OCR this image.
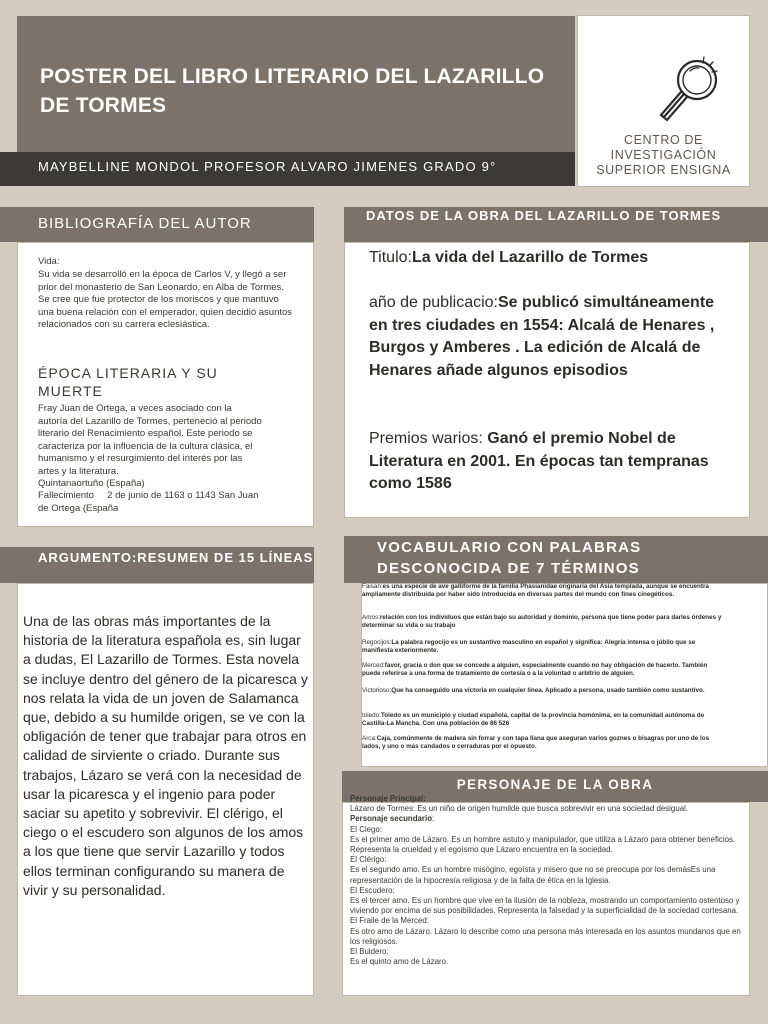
POSTER DEL LIBRO LITERARIO DEL LAZARILLO DE TORMES
CENTRO DE
INVESTIGACIÓN
SUPERIOR ENSIGNA
MAYBELLINE MONDOL PROFESOR ALVARO JIMENES GRADO 9°
BIBLIOGRAFÍA DEL AUTOR
Vida:
Su vida se desarrolló en la época de Carlos V, y llegó a ser prior del monasterio de San Leonardo, en Alba de Tormes. Se cree que fue protector de los moriscos y que mantuvo una buena relación con el emperador, quien decidió asuntos relacionados con su carrera eclesiástica.
ÉPOCA LITERARIA Y SU MUERTE
Fray Juan de Ortega, a veces asociado con la autoría del Lazarillo de Tormes, perteneció al periodo literario del Renacimiento español. Este periodo se caracteriza por la influencia de la cultura clásica, el humanismo y el resurgimiento del interés por las artes y la literatura.
Quintanaortuño (España)
Fallecimiento     2 de junio de 1163 o 1143 San Juan de Ortega (España
DATOS DE LA OBRA DEL LAZARILLO DE TORMES
Titulo:La vida del Lazarillo de Tormes
año de publicacio:Se publicó simultáneamente en tres ciudades en 1554: Alcalá de Henares , Burgos y Amberes . La edición de Alcalá de Henares añade algunos episodios
Premios warios: Ganó el premio Nobel de Literatura en 2001. En épocas tan tempranas como 1586
ARGUMENTO:RESUMEN DE 15 LÍNEAS
Una de las obras más importantes de la historia de la literatura española es, sin lugar a dudas, El Lazarillo de Tormes. Esta novela se incluye dentro del género de la picaresca y nos relata la vida de un joven de Salamanca que, debido a su humilde origen, se ve con la obligación de tener que trabajar para otros en calidad de sirviente o criado. Durante sus trabajos, Lázaro se verá con la necesidad de usar la picaresca y el ingenio para poder saciar su apetito y sobrevivir. El clérigo, el ciego o el escudero son algunos de los amos a los que tiene que servir Lazarillo y todos ellos terminan configurando su manera de vivir y su personalidad.
VOCABULARIO CON PALABRAS DESCONOCIDA DE 7 TÉRMINOS
Faisan:es una especie de ave galliforme de la familia Phasianidae originaria del Asia templada, aunque se encuentra ampliamente distribuida por haber sido introducida en diversas partes del mundo con fines cinegéticos.
Amos:relación con los individuos que están bajo su autoridad y dominio, persona que tiene poder para darles órdenes y determinar su vida o su trabajo
Regocijos:La palabra regocijo es un sustantivo masculino en español y significa: Alegría intensa o júbilo que se manifiesta exteriormente.
Merced:favor, gracia o don que se concede a alguien, especialmente cuando no hay obligación de hacerlo. También puede referirse a una forma de tratamiento de cortesía o a la voluntad o arbitrio de alguien.
Victorioso:Que ha conseguido una victoria en cualquier línea. Aplicado a persona, usado también como sustantivo.
toledo:Toledo es un municipio y ciudad española, capital de la provincia homónima, en la comunidad autónoma de Castilla-La Mancha. Con una población de 86 526
Arca:Caja, comúnmente de madera sin forrar y con tapa llana que aseguran varios goznes o bisagras por uno de los lados, y uno o más candados o cerraduras por el opuesto.
PERSONAJE DE LA OBRA
Personaje Principal:
Lázaro de Tormes: Es un niño de origen humilde que busca sobrevivir en una sociedad desigual.
Personaje secundario:
El Ciego:
Es el primer amo de Lázaro. Es un hombre astuto y manipulador, que utiliza a Lázaro para obtener beneficios. Representa la crueldad y el egoísmo que Lázaro encuentra en la sociedad.
El Clérigo:
Es el segundo amo. Es un hombre misógino, egoísta y misero que no se preocupa por los demásEs una representación de la hipocresía religiosa y de la falta de ética en la Iglesia.
El Escudero:
Es el tercer amo. Es un hombre que vive en la ilusión de la nobleza, mostrando un comportamiento ostentoso y viviendo por encima de sus posibilidades. Representa la falsedad y la superficialidad de la sociedad cortesana.
El Fraile de la Merced:
Es otro amo de Lázaro. Lázaro lo describe como una persona más interesada en los asuntos mundanos que en los religiosos.
El Buldero:
Es el quinto amo de Lázaro.
